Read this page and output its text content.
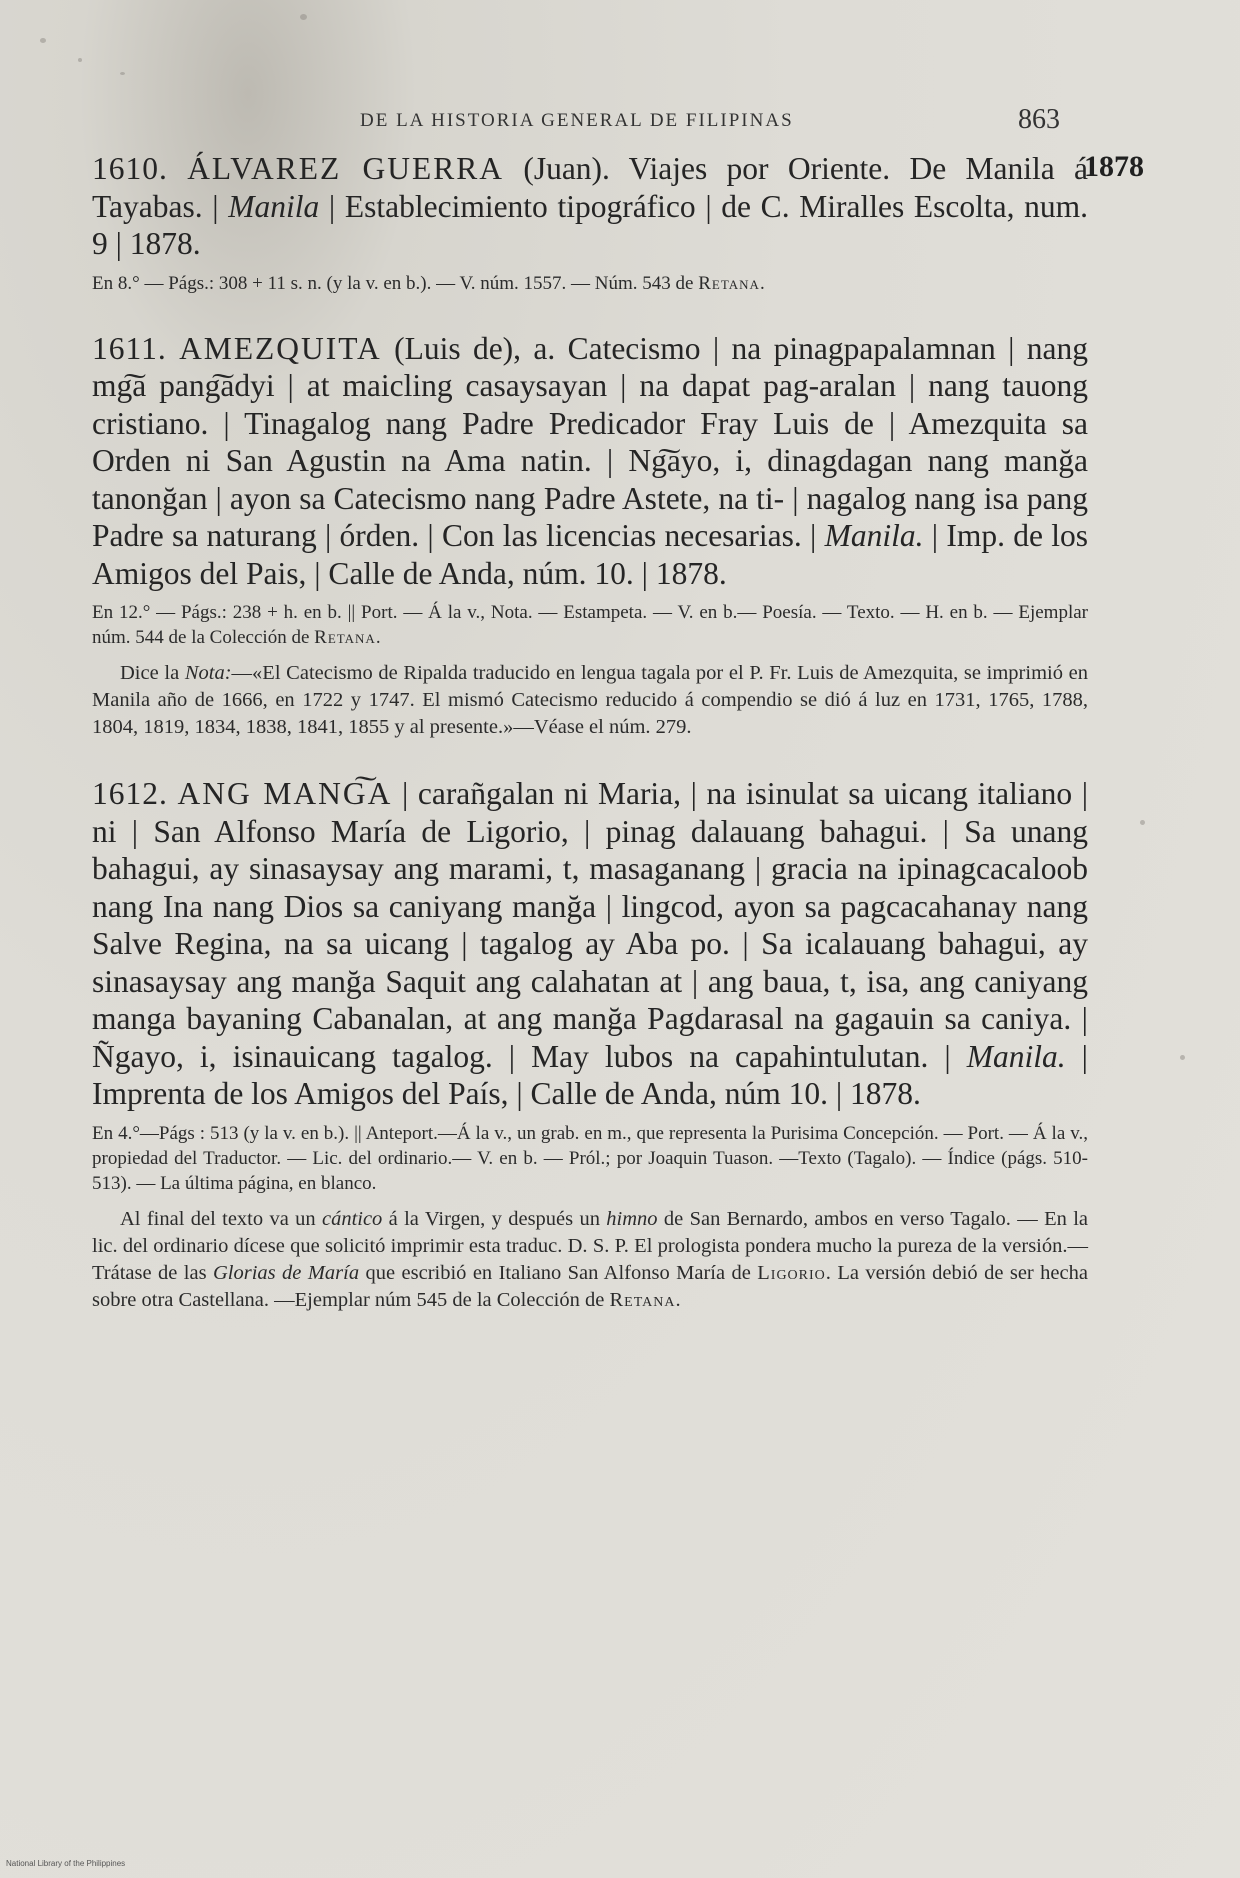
DE LA HISTORIA GENERAL DE FILIPINAS	863
1878

1610. ÁLVAREZ GUERRA (Juan). Viajes por Oriente. De Manila á Tayabas. | Manila | Establecimiento tipográfico | de C. Miralles Escolta, num. 9 | 1878.

En 8.° — Págs.: 308 + 11 s. n. (y la v. en b.). — V. núm. 1557. — Núm. 543 de Retana.

1611. AMEZQUITA (Luis de), a. Catecismo | na pinagpapalamnan | nang mg͠a pang͠adyi | at maicling casaysayan | na dapat pag-aralan | nang tauong cristiano. | Tinagalog nang Padre Predicador Fray Luis de | Amezquita sa Orden ni San Agustin na Ama natin. | Ng͠ayo, i, dinagdagan nang manğa tanonğan | ayon sa Catecismo nang Padre Astete, na ti- | nagalog nang isa pang Padre sa naturang | órden. | Con las licencias necesarias. | Manila. | Imp. de los Amigos del Pais, | Calle de Anda, núm. 10. | 1878.

En 12.° — Págs.: 238 + h. en b. || Port. — Á la v., Nota. — Estampeta. — V. en b.— Poesía. — Texto. — H. en b. — Ejemplar núm. 544 de la Colección de Retana.

Dice la Nota:—«El Catecismo de Ripalda traducido en lengua tagala por el P. Fr. Luis de Amezquita, se imprimió en Manila año de 1666, en 1722 y 1747. El mismó Catecismo reducido á compendio se dió á luz en 1731, 1765, 1788, 1804, 1819, 1834, 1838, 1841, 1855 y al presente.»—Véase el núm. 279.

1612. ANG MANG͠A | carañgalan ni Maria, | na isinulat sa uicang italiano | ni | San Alfonso María de Ligorio, | pinag dalauang bahagui. | Sa unang bahagui, ay sinasaysay ang marami, t, masaganang | gracia na ipinagcacaloob nang Ina nang Dios sa caniyang manğa | lingcod, ayon sa pagcacahanay nang Salve Regina, na sa uicang | tagalog ay Aba po. | Sa icalauang bahagui, ay sinasaysay ang manğa Saquit ang calahatan at | ang baua, t, isa, ang caniyang manga bayaning Cabanalan, at ang manğa Pagdarasal na gagauin sa caniya. | Ñgayo, i, isinauicang tagalog. | May lubos na capahintulutan. | Manila. | Imprenta de los Amigos del País, | Calle de Anda, núm 10. | 1878.

En 4.°—Págs : 513 (y la v. en b.). || Anteport.—Á la v., un grab. en m., que representa la Purisima Concepción. — Port. — Á la v., propiedad del Traductor. — Lic. del ordinario.— V. en b. — Pról.; por Joaquin Tuason. —Texto (Tagalo). — Índice (págs. 510-513). — La última página, en blanco.

Al final del texto va un cántico á la Virgen, y después un himno de San Bernardo, ambos en verso Tagalo. — En la lic. del ordinario dícese que solicitó imprimir esta traduc. D. S. P. El prologista pondera mucho la pureza de la versión.— Trátase de las Glorias de María que escribió en Italiano San Alfonso María de Ligorio. La versión debió de ser hecha sobre otra Castellana. —Ejemplar núm 545 de la Colección de Retana.

National Library of the Philippines
